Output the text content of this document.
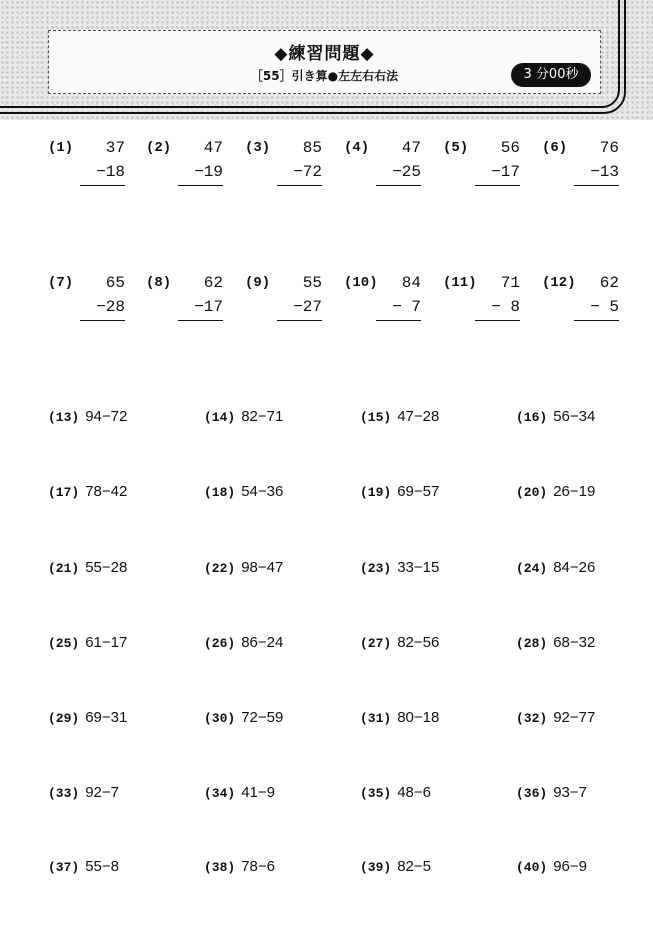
◆練習問題◆
［55］引き算●左左右右法	3 分00秒
(1) 37
−18
(2) 47
−19
(3) 85
−72
(4) 47
−25
(5) 56
−17
(6) 76
−13
(7) 65
−28
(8) 62
−17
(9) 55
−27
(10) 84
− 7
(11) 71
− 8
(12) 62
− 5
(13) 94−72	(14) 82−71	(15) 47−28	(16) 56−34
(17) 78−42	(18) 54−36	(19) 69−57	(20) 26−19
(21) 55−28	(22) 98−47	(23) 33−15	(24) 84−26
(25) 61−17	(26) 86−24	(27) 82−56	(28) 68−32
(29) 69−31	(30) 72−59	(31) 80−18	(32) 92−77
(33) 92−7	(34) 41−9	(35) 48−6	(36) 93−7
(37) 55−8	(38) 78−6	(39) 82−5	(40) 96−9
